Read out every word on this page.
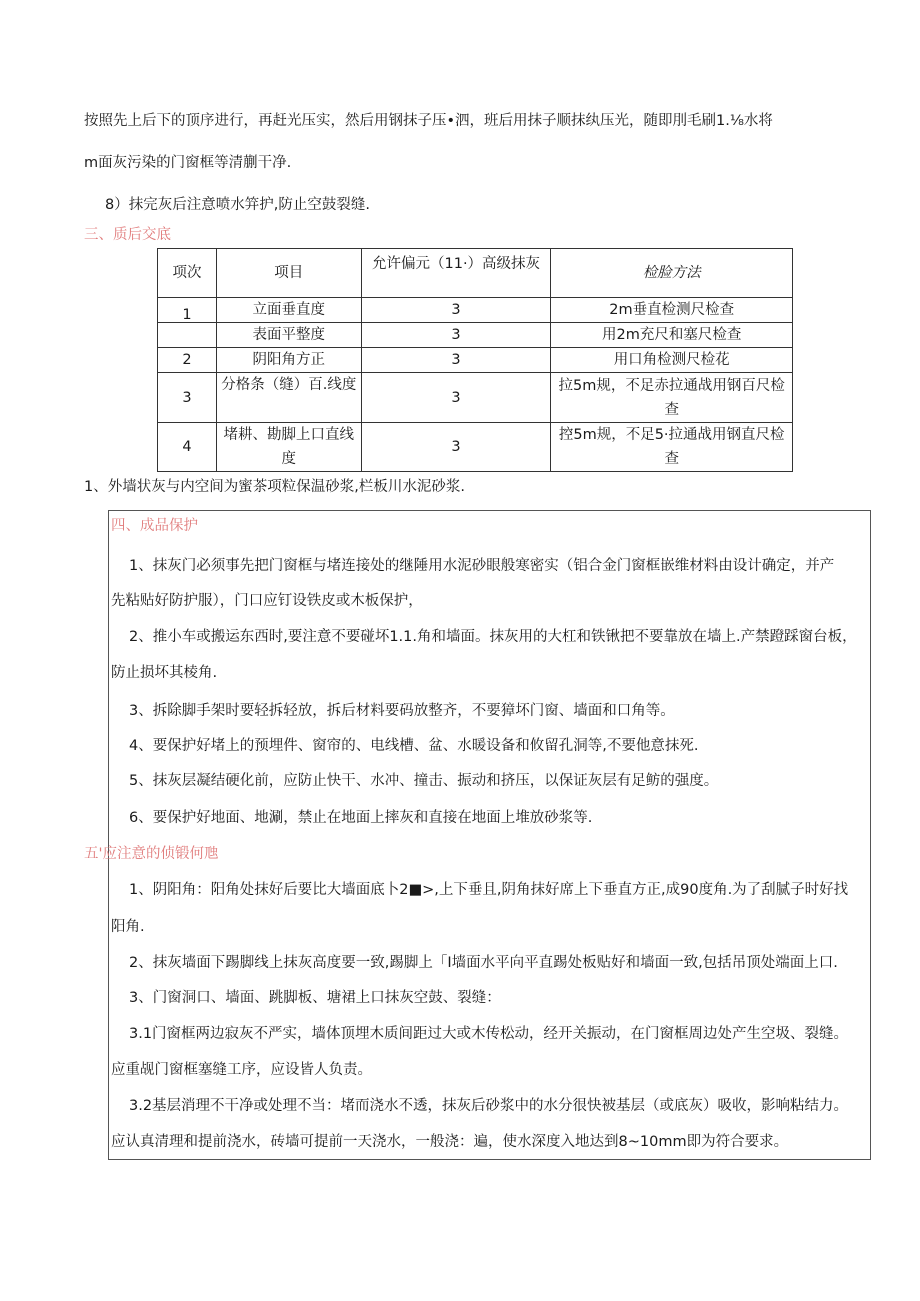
按照先上后下的顶序进行，再赶光压实，然后用钢抹子压•泗，班后用抹子顺抹纨压光，随即刖毛刷1.⅛水将
m面灰污染的门窗框等清蒯干净.
8）抹完灰后注意喷水笄护,防止空鼓裂缝.
三、质后交底
项次	项目	允许偏元（11·）高级抹灰	检脸方法
1	立面垂直度	3	2m垂直检测尺检查
	表面平整度	3	用2m充尺和塞尺检查
2	阴阳角方正	3	用口角检测尺检花
3	分格条（缝）百.线度	3	拉5m规，不足赤拉通战用钢百尺检查
4	堵耕、勘脚上口直线度	3	控5m规，不足5·拉通战用钢直尺检查
1、外墙状灰与内空间为蜜茶项粒保温砂浆,栏板川水泥砂浆.
四、成品保护
1、抹灰门必须事先把门窗框与堵连接处的继陲用水泥砂眼般寒密实（铝合金门窗框嵌维材料由设计确定，并产
先粘贴好防护服），门口应钉设铁皮或木板保护，
2、推小车或搬运东西时,要注意不要碰坏1.1.角和墙面。抹灰用的大杠和铁锹把不要靠放在墙上.产禁蹬踩窗台板，
防止损坏其棱角.
3、拆除脚手架时要轻拆轻放，拆后材料要码放整齐，不要獐坏门窗、墙面和口角等。
4、要保护好堵上的预埋件、窗帘的、电线槽、盆、水暖设备和攸留孔洞等,不要他意抹死.
5、抹灰层凝结硬化前，应防止快干、水冲、撞击、振动和挤压，以保证灰层有足鲂的强度。
6、要保护好地面、地涮，禁止在地面上摔灰和直接在地面上堆放砂浆等.
五'应注意的侦锻何虺
1、阴阳角：阳角处抹好后要比大墙面底卜2■>,上下垂且,阴角抹好席上下垂直方正,成90度角.为了刮腻子时好找
阳角.
2、抹灰墙面下踢脚线上抹灰高度要一致,踢脚上「I墙面水平向平直踢处板贴好和墙面一致,包括吊顶处端面上口.
3、门窗洞口、墙面、跳脚板、塘裙上口抹灰空鼓、裂缝：
3.1门窗框两边寂灰不严实，墙体顶埋木质间距过大或木传松动，经开关振动，在门窗框周边处产生空圾、裂缝。
应重觇门窗框塞缝工序，应设皆人负责。
3.2基层消理不干净或处理不当：堵而浇水不透，抹灰后砂浆中的水分很快被基层（或底灰）吸收，影响粘结力。
应认真清理和提前浇水，砖墙可提前一天浇水，一般浇：遍，使水深度入地达到8~10mm即为符合要求。
